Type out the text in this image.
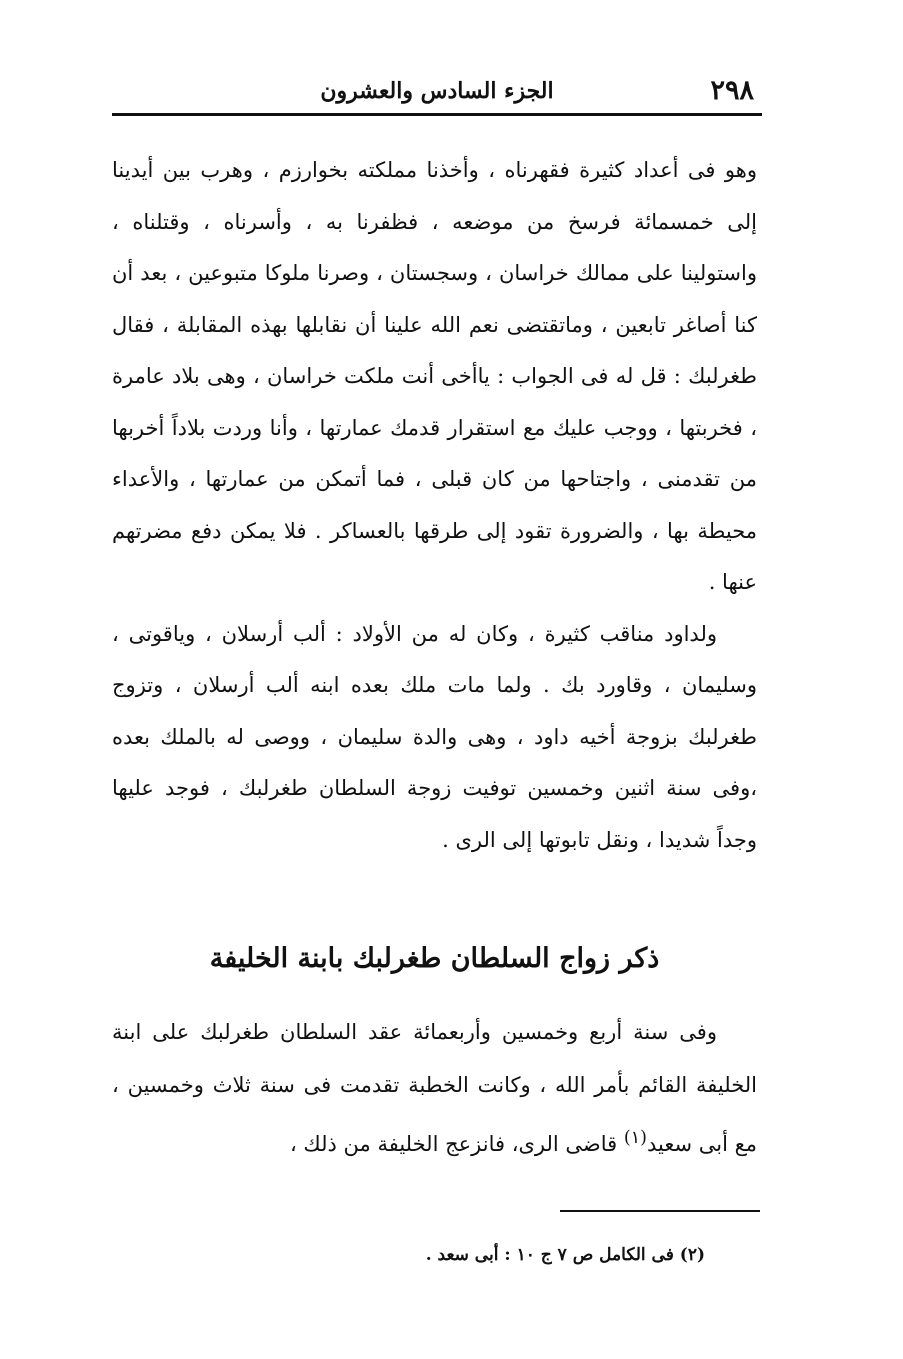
٢٩٨
الجزء السادس والعشرون

وهو فى أعداد كثيرة فقهرناه ، وأخذنا مملكته بخوارزم ، وهرب بين أيدينا إلى خمسمائة فرسخ من موضعه ، فظفرنا به ، وأسرناه ، وقتلناه ، واستولينا على ممالك خراسان ، وسجستان ، وصرنا ملوكا متبوعين ، بعد أن كنا أصاغر تابعين ، وماتقتضى نعم الله علينا أن نقابلها بهذه المقابلة ، فقال طغرلبك : قل له فى الجواب : ياأخى أنت ملكت خراسان ، وهى بلاد عامرة ، فخربتها ، ووجب عليك مع استقرار قدمك عمارتها ، وأنا وردت بلاداً أخربها من تقدمنى ، واجتاحها من كان قبلى ، فما أتمكن من عمارتها ، والأعداء محيطة بها ، والضرورة تقود إلى طرقها بالعساكر . فلا يمكن دفع مضرتهم عنها .

ولداود مناقب كثيرة ، وكان له من الأولاد : ألب أرسلان ، وياقوتى ، وسليمان ، وقاورد بك . ولما مات ملك بعده ابنه ألب أرسلان ، وتزوج طغرلبك بزوجة أخيه داود ، وهى والدة سليمان ، ووصى له بالملك بعده ،وفى سنة اثنين وخمسين توفيت زوجة السلطان طغرلبك ، فوجد عليها وجداً شديدا ، ونقل تابوتها إلى الرى .

ذكر زواج السلطان طغرلبك بابنة الخليفة

وفى سنة أربع وخمسين وأربعمائة عقد السلطان طغرلبك على ابنة الخليفة القائم بأمر الله ، وكانت الخطبة تقدمت فى سنة ثلاث وخمسين ، مع أبى سعيد$^{(١)}$ قاضى الرى، فانزعج الخليفة من ذلك ،

(٢) فى الكامل ص ٧ ج ١٠ : أبى سعد .
